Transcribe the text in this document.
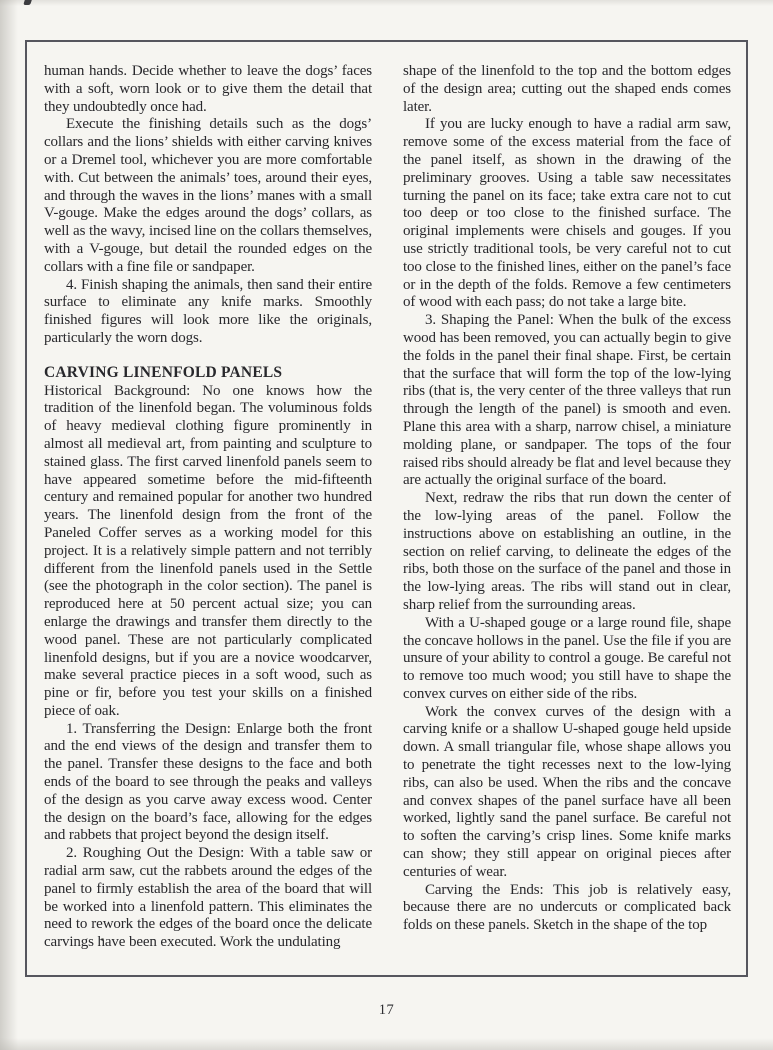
human hands. Decide whether to leave the dogs’ faces with a soft, worn look or to give them the detail that they undoubtedly once had.

Execute the finishing details such as the dogs’ collars and the lions’ shields with either carving knives or a Dremel tool, whichever you are more comfortable with. Cut between the animals’ toes, around their eyes, and through the waves in the lions’ manes with a small V-gouge. Make the edges around the dogs’ collars, as well as the wavy, incised line on the collars themselves, with a V-gouge, but detail the rounded edges on the collars with a fine file or sandpaper.

4. Finish shaping the animals, then sand their entire surface to eliminate any knife marks. Smoothly finished figures will look more like the originals, particularly the worn dogs.

CARVING LINENFOLD PANELS

Historical Background: No one knows how the tradition of the linenfold began. The voluminous folds of heavy medieval clothing figure prominently in almost all medieval art, from painting and sculpture to stained glass. The first carved linenfold panels seem to have appeared sometime before the mid-fifteenth century and remained popular for another two hundred years. The linenfold design from the front of the Paneled Coffer serves as a working model for this project. It is a relatively simple pattern and not terribly different from the linenfold panels used in the Settle (see the photograph in the color section). The panel is reproduced here at 50 percent actual size; you can enlarge the drawings and transfer them directly to the wood panel. These are not particularly complicated linenfold designs, but if you are a novice woodcarver, make several practice pieces in a soft wood, such as pine or fir, before you test your skills on a finished piece of oak.

1. Transferring the Design: Enlarge both the front and the end views of the design and transfer them to the panel. Transfer these designs to the face and both ends of the board to see through the peaks and valleys of the design as you carve away excess wood. Center the design on the board’s face, allowing for the edges and rabbets that project beyond the design itself.

2. Roughing Out the Design: With a table saw or radial arm saw, cut the rabbets around the edges of the panel to firmly establish the area of the board that will be worked into a linenfold pattern. This eliminates the need to rework the edges of the board once the delicate carvings have been executed. Work the undulating

shape of the linenfold to the top and the bottom edges of the design area; cutting out the shaped ends comes later.

If you are lucky enough to have a radial arm saw, remove some of the excess material from the face of the panel itself, as shown in the drawing of the preliminary grooves. Using a table saw necessitates turning the panel on its face; take extra care not to cut too deep or too close to the finished surface. The original implements were chisels and gouges. If you use strictly traditional tools, be very careful not to cut too close to the finished lines, either on the panel’s face or in the depth of the folds. Remove a few centimeters of wood with each pass; do not take a large bite.

3. Shaping the Panel: When the bulk of the excess wood has been removed, you can actually begin to give the folds in the panel their final shape. First, be certain that the surface that will form the top of the low-lying ribs (that is, the very center of the three valleys that run through the length of the panel) is smooth and even. Plane this area with a sharp, narrow chisel, a miniature molding plane, or sandpaper. The tops of the four raised ribs should already be flat and level because they are actually the original surface of the board.

Next, redraw the ribs that run down the center of the low-lying areas of the panel. Follow the instructions above on establishing an outline, in the section on relief carving, to delineate the edges of the ribs, both those on the surface of the panel and those in the low-lying areas. The ribs will stand out in clear, sharp relief from the surrounding areas.

With a U-shaped gouge or a large round file, shape the concave hollows in the panel. Use the file if you are unsure of your ability to control a gouge. Be careful not to remove too much wood; you still have to shape the convex curves on either side of the ribs.

Work the convex curves of the design with a carving knife or a shallow U-shaped gouge held upside down. A small triangular file, whose shape allows you to penetrate the tight recesses next to the low-lying ribs, can also be used. When the ribs and the concave and convex shapes of the panel surface have all been worked, lightly sand the panel surface. Be careful not to soften the carving’s crisp lines. Some knife marks can show; they still appear on original pieces after centuries of wear.

Carving the Ends: This job is relatively easy, because there are no undercuts or complicated back folds on these panels. Sketch in the shape of the top

17
